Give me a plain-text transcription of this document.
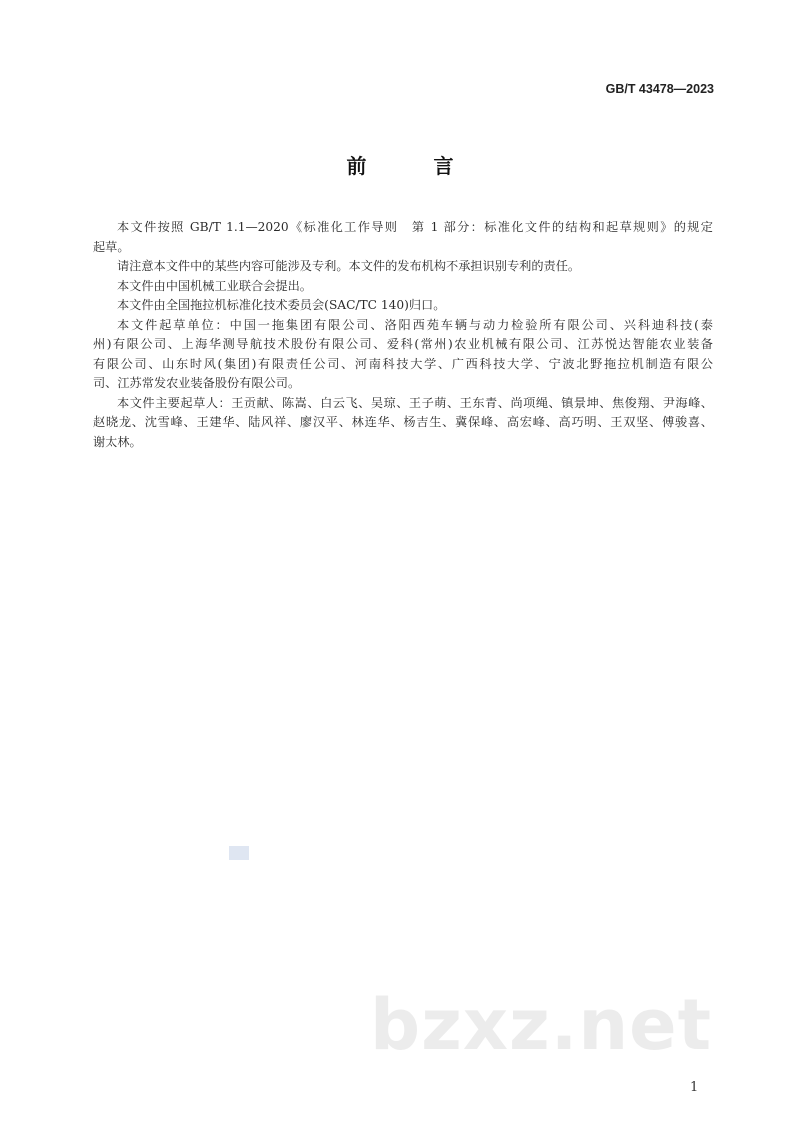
GB/T 43478—2023
前 言
本文件按照 GB/T 1.1—2020《标准化工作导则　第 1 部分：标准化文件的结构和起草规则》的规定
起草。
请注意本文件中的某些内容可能涉及专利。本文件的发布机构不承担识别专利的责任。
本文件由中国机械工业联合会提出。
本文件由全国拖拉机标准化技术委员会(SAC/TC 140)归口。
本文件起草单位：中国一拖集团有限公司、洛阳西苑车辆与动力检验所有限公司、兴科迪科技(泰
州)有限公司、上海华测导航技术股份有限公司、爱科(常州)农业机械有限公司、江苏悦达智能农业装备
有限公司、山东时风(集团)有限责任公司、河南科技大学、广西科技大学、宁波北野拖拉机制造有限公
司、江苏常发农业装备股份有限公司。
本文件主要起草人：王贡献、陈嵩、白云飞、吴琼、王子萌、王东青、尚项绳、镇景坤、焦俊翔、尹海峰、
赵晓龙、沈雪峰、王建华、陆风祥、廖汉平、林连华、杨吉生、冀保峰、高宏峰、高巧明、王双坚、傅骏喜、
谢太林。
bzxz.net
1
